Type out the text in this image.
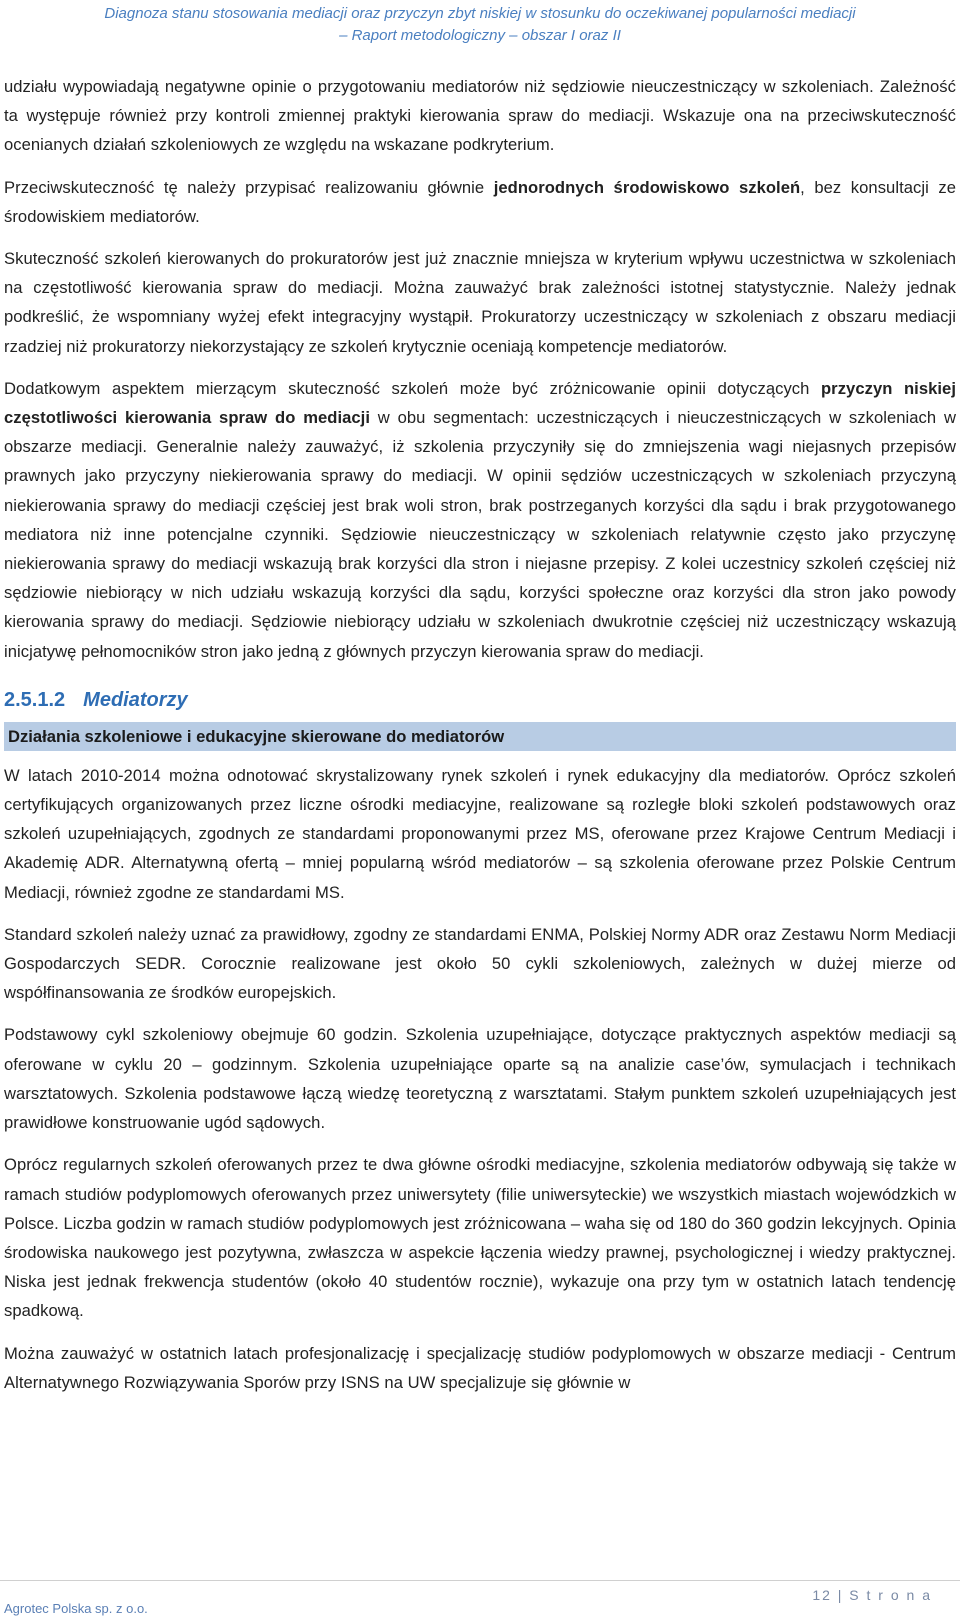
Diagnoza stanu stosowania mediacji oraz przyczyn zbyt niskiej w stosunku do oczekiwanej popularności mediacji
– Raport metodologiczny – obszar I oraz II

udziału wypowiadają negatywne opinie o przygotowaniu mediatorów niż sędziowie nieuczestniczący w szkoleniach. Zależność ta występuje również przy kontroli zmiennej praktyki kierowania spraw do mediacji. Wskazuje ona na przeciwskuteczność ocenianych działań szkoleniowych ze względu na wskazane podkryterium.

Przeciwskuteczność tę należy przypisać realizowaniu głównie jednorodnych środowiskowo szkoleń, bez konsultacji ze środowiskiem mediatorów.

Skuteczność szkoleń kierowanych do prokuratorów jest już znacznie mniejsza w kryterium wpływu uczestnictwa w szkoleniach na częstotliwość kierowania spraw do mediacji. Można zauważyć brak zależności istotnej statystycznie. Należy jednak podkreślić, że wspomniany wyżej efekt integracyjny wystąpił. Prokuratorzy uczestniczący w szkoleniach z obszaru mediacji rzadziej niż prokuratorzy niekorzystający ze szkoleń krytycznie oceniają kompetencje mediatorów.

Dodatkowym aspektem mierzącym skuteczność szkoleń może być zróżnicowanie opinii dotyczących przyczyn niskiej częstotliwości kierowania spraw do mediacji w obu segmentach: uczestniczących i nieuczestniczących w szkoleniach w obszarze mediacji. Generalnie należy zauważyć, iż szkolenia przyczyniły się do zmniejszenia wagi niejasnych przepisów prawnych jako przyczyny niekierowania sprawy do mediacji. W opinii sędziów uczestniczących w szkoleniach przyczyną niekierowania sprawy do mediacji częściej jest brak woli stron, brak postrzeganych korzyści dla sądu i brak przygotowanego mediatora niż inne potencjalne czynniki. Sędziowie nieuczestniczący w szkoleniach relatywnie często jako przyczynę niekierowania sprawy do mediacji wskazują brak korzyści dla stron i niejasne przepisy. Z kolei uczestnicy szkoleń częściej niż sędziowie niebiorący w nich udziału wskazują korzyści dla sądu, korzyści społeczne oraz korzyści dla stron jako powody kierowania sprawy do mediacji. Sędziowie niebiorący udziału w szkoleniach dwukrotnie częściej niż uczestniczący wskazują inicjatywę pełnomocników stron jako jedną z głównych przyczyn kierowania spraw do mediacji.

2.5.1.2 Mediatorzy
Działania szkoleniowe i edukacyjne skierowane do mediatorów

W latach 2010-2014 można odnotować skrystalizowany rynek szkoleń i rynek edukacyjny dla mediatorów. Oprócz szkoleń certyfikujących organizowanych przez liczne ośrodki mediacyjne, realizowane są rozległe bloki szkoleń podstawowych oraz szkoleń uzupełniających, zgodnych ze standardami proponowanymi przez MS, oferowane przez Krajowe Centrum Mediacji i Akademię ADR. Alternatywną ofertą – mniej popularną wśród mediatorów – są szkolenia oferowane przez Polskie Centrum Mediacji, również zgodne ze standardami MS.

Standard szkoleń należy uznać za prawidłowy, zgodny ze standardami ENMA, Polskiej Normy ADR oraz Zestawu Norm Mediacji Gospodarczych SEDR. Corocznie realizowane jest około 50 cykli szkoleniowych, zależnych w dużej mierze od współfinansowania ze środków europejskich.

Podstawowy cykl szkoleniowy obejmuje 60 godzin. Szkolenia uzupełniające, dotyczące praktycznych aspektów mediacji są oferowane w cyklu 20 – godzinnym. Szkolenia uzupełniające oparte są na analizie case’ów, symulacjach i technikach warsztatowych. Szkolenia podstawowe łączą wiedzę teoretyczną z warsztatami. Stałym punktem szkoleń uzupełniających jest prawidłowe konstruowanie ugód sądowych.

Oprócz regularnych szkoleń oferowanych przez te dwa główne ośrodki mediacyjne, szkolenia mediatorów odbywają się także w ramach studiów podyplomowych oferowanych przez uniwersytety (filie uniwersyteckie) we wszystkich miastach wojewódzkich w Polsce. Liczba godzin w ramach studiów podyplomowych jest zróżnicowana – waha się od 180 do 360 godzin lekcyjnych. Opinia środowiska naukowego jest pozytywna, zwłaszcza w aspekcie łączenia wiedzy prawnej, psychologicznej i wiedzy praktycznej. Niska jest jednak frekwencja studentów (około 40 studentów rocznie), wykazuje ona przy tym w ostatnich latach tendencję spadkową.

Można zauważyć w ostatnich latach profesjonalizację i specjalizację studiów podyplomowych w obszarze mediacji - Centrum Alternatywnego Rozwiązywania Sporów przy ISNS na UW specjalizuje się głównie w

12 | S t r o n a
Agrotec Polska sp. z o.o.
